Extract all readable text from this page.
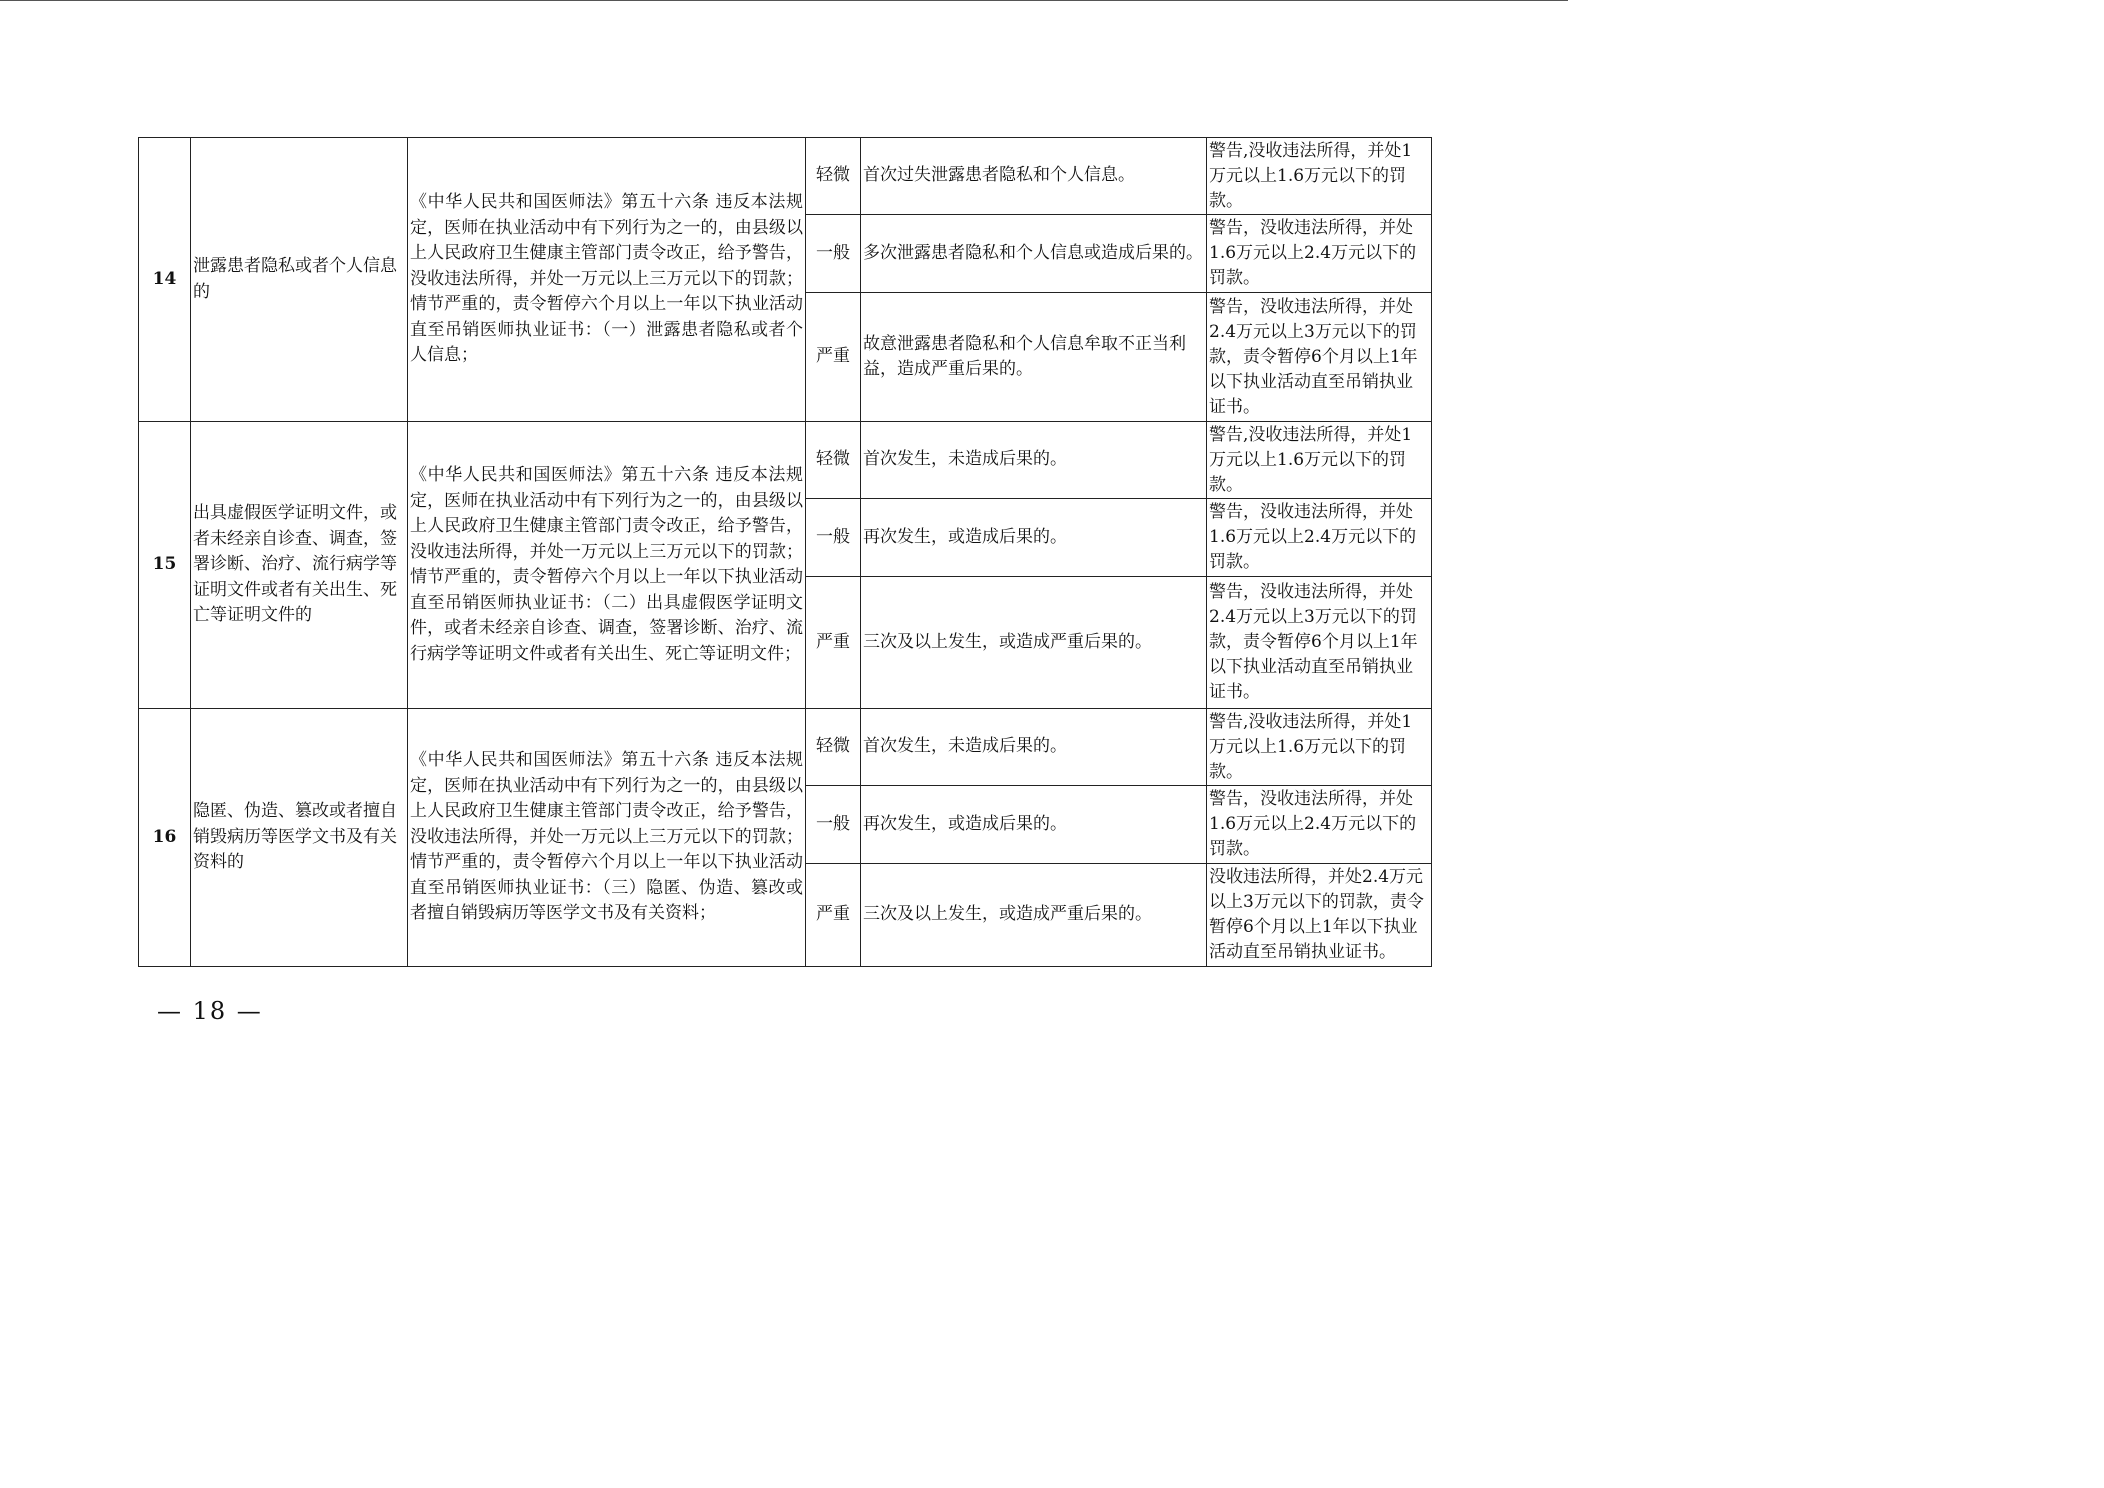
14	泄露患者隐私或者个人信息的	《中华人民共和国医师法》第五十六条 违反本法规定，医师在执业活动中有下列行为之一的，由县级以上人民政府卫生健康主管部门责令改正，给予警告，没收违法所得，并处一万元以上三万元以下的罚款；情节严重的，责令暂停六个月以上一年以下执业活动直至吊销医师执业证书：（一）泄露患者隐私或者个人信息；	轻微	首次过失泄露患者隐私和个人信息。	警告,没收违法所得，并处1万元以上1.6万元以下的罚款。
			一般	多次泄露患者隐私和个人信息或造成后果的。	警告，没收违法所得，并处1.6万元以上2.4万元以下的罚款。
			严重	故意泄露患者隐私和个人信息牟取不正当利益，造成严重后果的。	警告，没收违法所得，并处2.4万元以上3万元以下的罚款，责令暂停6个月以上1年以下执业活动直至吊销执业证书。
15	出具虚假医学证明文件，或者未经亲自诊查、调查，签署诊断、治疗、流行病学等证明文件或者有关出生、死亡等证明文件的	《中华人民共和国医师法》第五十六条 违反本法规定，医师在执业活动中有下列行为之一的，由县级以上人民政府卫生健康主管部门责令改正，给予警告，没收违法所得，并处一万元以上三万元以下的罚款；情节严重的，责令暂停六个月以上一年以下执业活动直至吊销医师执业证书：（二）出具虚假医学证明文件，或者未经亲自诊查、调查，签署诊断、治疗、流行病学等证明文件或者有关出生、死亡等证明文件；	轻微	首次发生，未造成后果的。	警告,没收违法所得，并处1万元以上1.6万元以下的罚款。
			一般	再次发生，或造成后果的。	警告，没收违法所得，并处1.6万元以上2.4万元以下的罚款。
			严重	三次及以上发生，或造成严重后果的。	警告，没收违法所得，并处2.4万元以上3万元以下的罚款，责令暂停6个月以上1年以下执业活动直至吊销执业证书。
16	隐匿、伪造、篡改或者擅自销毁病历等医学文书及有关资料的	《中华人民共和国医师法》第五十六条 违反本法规定，医师在执业活动中有下列行为之一的，由县级以上人民政府卫生健康主管部门责令改正，给予警告，没收违法所得，并处一万元以上三万元以下的罚款；情节严重的，责令暂停六个月以上一年以下执业活动直至吊销医师执业证书：（三）隐匿、伪造、篡改或者擅自销毁病历等医学文书及有关资料；	轻微	首次发生，未造成后果的。	警告,没收违法所得，并处1万元以上1.6万元以下的罚款。
			一般	再次发生，或造成后果的。	警告，没收违法所得，并处1.6万元以上2.4万元以下的罚款。
			严重	三次及以上发生，或造成严重后果的。	没收违法所得，并处2.4万元以上3万元以下的罚款，责令暂停6个月以上1年以下执业活动直至吊销执业证书。
— 18 —
